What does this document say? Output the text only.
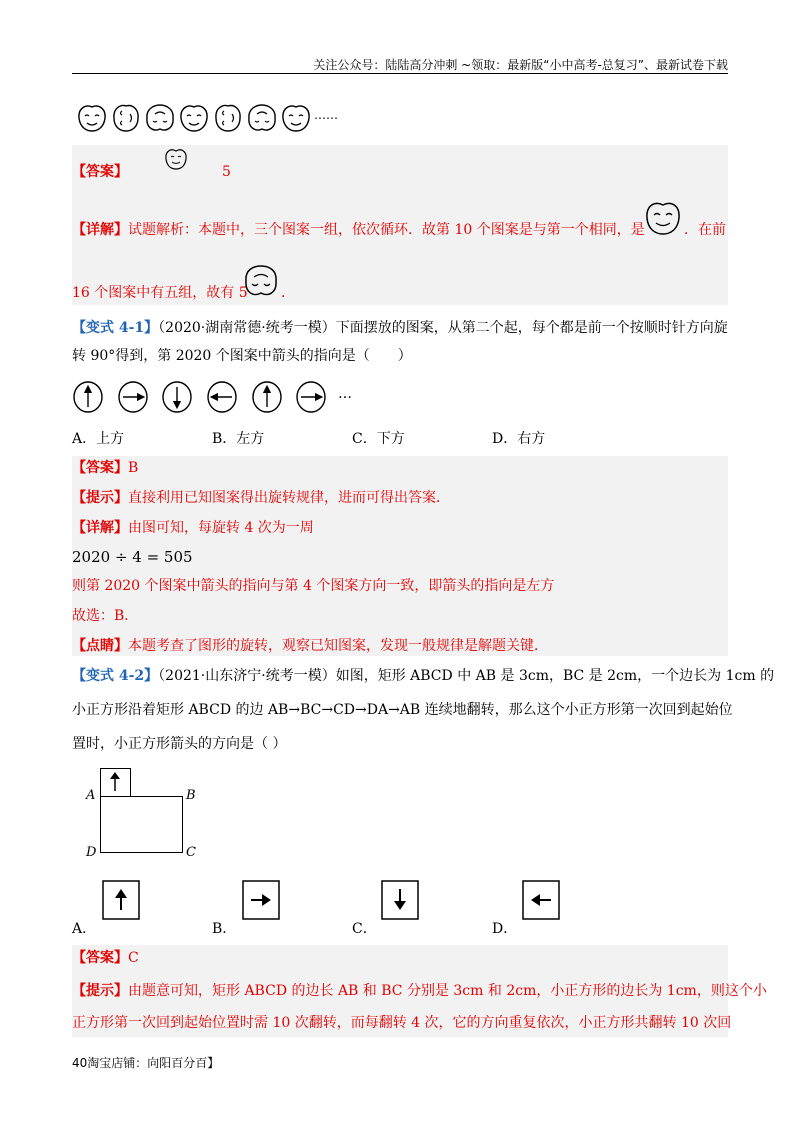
关注公众号：陆陆高分冲刺 ~领取：最新版“小中高考-总复习”、最新试卷下载
……
【答案】	5
【详解】试题解析：本题中，三个图案一组，依次循环．故第 10 个图案是与第一个相同，是	．在前
16 个图案中有五组，故有 5 ．
【变式 4-1】（2020·湖南常德·统考一模）下面摆放的图案，从第二个起，每个都是前一个按顺时针方向旋
转 90°得到，第 2020 个图案中箭头的指向是（　　）
…
A．上方	B．左方	C．下方	D．右方
【答案】B
【提示】直接利用已知图案得出旋转规律，进而可得出答案．
【详解】由图可知，每旋转 4 次为一周
2020 ÷ 4 = 505
则第 2020 个图案中箭头的指向与第 4 个图案方向一致，即箭头的指向是左方
故选：B．
【点睛】本题考查了图形的旋转，观察已知图案，发现一般规律是解题关键．
【变式 4-2】（2021·山东济宁·统考一模）如图，矩形 ABCD 中 AB 是 3cm，BC 是 2cm，一个边长为 1cm 的
小正方形沿着矩形 ABCD 的边 AB→BC→CD→DA→AB 连续地翻转，那么这个小正方形第一次回到起始位
置时，小正方形箭头的方向是（ ）
A	B
D	C
A．	B．	C．	D．
【答案】C
【提示】由题意可知，矩形 ABCD 的边长 AB 和 BC 分别是 3cm 和 2cm，小正方形的边长为 1cm，则这个小
正方形第一次回到起始位置时需 10 次翻转，而每翻转 4 次，它的方向重复依次，小正方形共翻转 10 次回
40淘宝店铺：向阳百分百】
